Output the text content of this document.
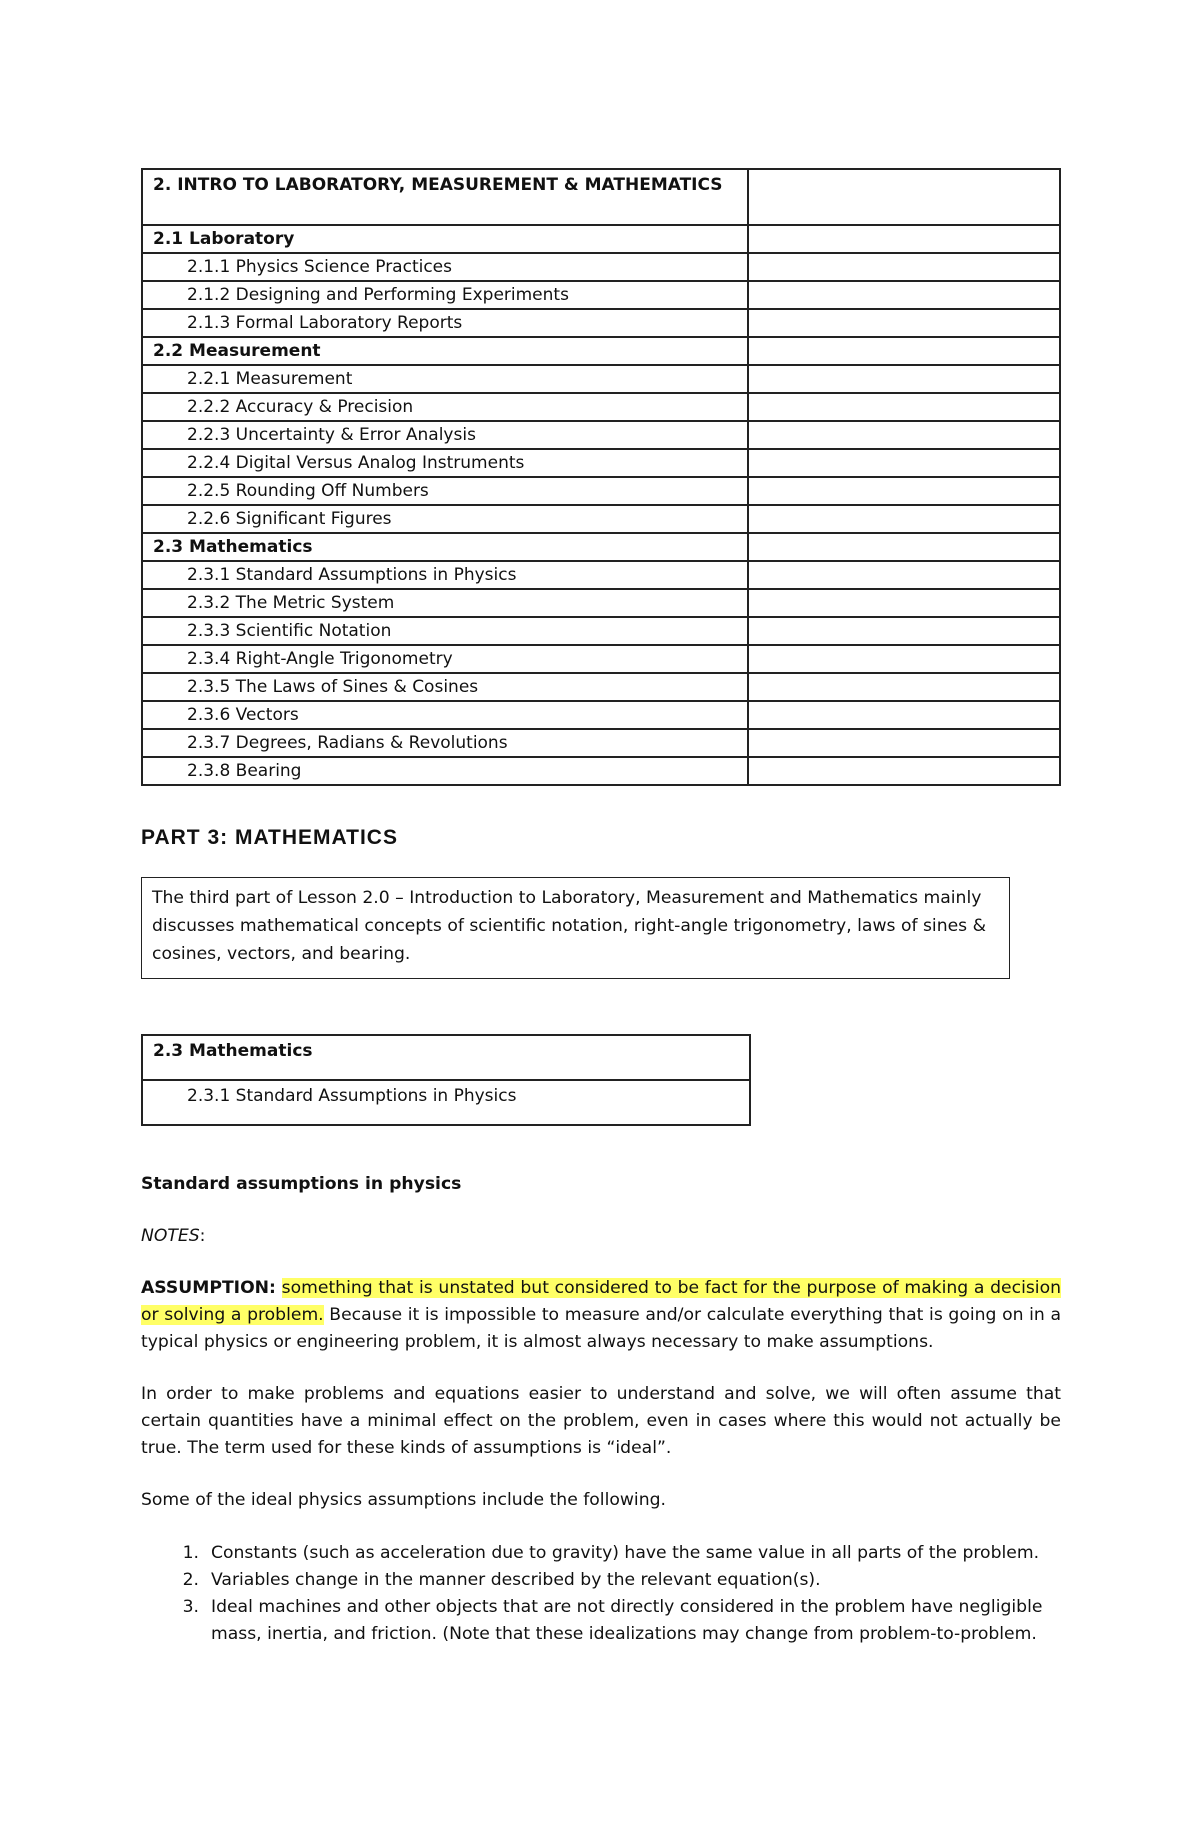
2. INTRO TO LABORATORY, MEASUREMENT & MATHEMATICS	
2.1 Laboratory	
2.1.1 Physics Science Practices	
2.1.2 Designing and Performing Experiments	
2.1.3 Formal Laboratory Reports	
2.2 Measurement	
2.2.1 Measurement	
2.2.2 Accuracy & Precision	
2.2.3 Uncertainty & Error Analysis	
2.2.4 Digital Versus Analog Instruments	
2.2.5 Rounding Off Numbers	
2.2.6 Significant Figures	
2.3 Mathematics	
2.3.1 Standard Assumptions in Physics	
2.3.2 The Metric System	
2.3.3 Scientific Notation	
2.3.4 Right-Angle Trigonometry	
2.3.5 The Laws of Sines & Cosines	
2.3.6 Vectors	
2.3.7 Degrees, Radians & Revolutions	
2.3.8 Bearing	
PART 3: MATHEMATICS
The third part of Lesson 2.0 – Introduction to Laboratory, Measurement and Mathematics mainly discusses mathematical concepts of scientific notation, right-angle trigonometry, laws of sines & cosines, vectors, and bearing.
2.3 Mathematics
2.3.1 Standard Assumptions in Physics

Standard assumptions in physics

NOTES:

ASSUMPTION: something that is unstated but considered to be fact for the purpose of making a decision or solving a problem. Because it is impossible to measure and/or calculate everything that is going on in a typical physics or engineering problem, it is almost always necessary to make assumptions.

In order to make problems and equations easier to understand and solve, we will often assume that certain quantities have a minimal effect on the problem, even in cases where this would not actually be true. The term used for these kinds of assumptions is “ideal”.

Some of the ideal physics assumptions include the following.

1. Constants (such as acceleration due to gravity) have the same value in all parts of the problem.
2. Variables change in the manner described by the relevant equation(s).
3. Ideal machines and other objects that are not directly considered in the problem have negligible mass, inertia, and friction. (Note that these idealizations may change from problem-to-problem.
